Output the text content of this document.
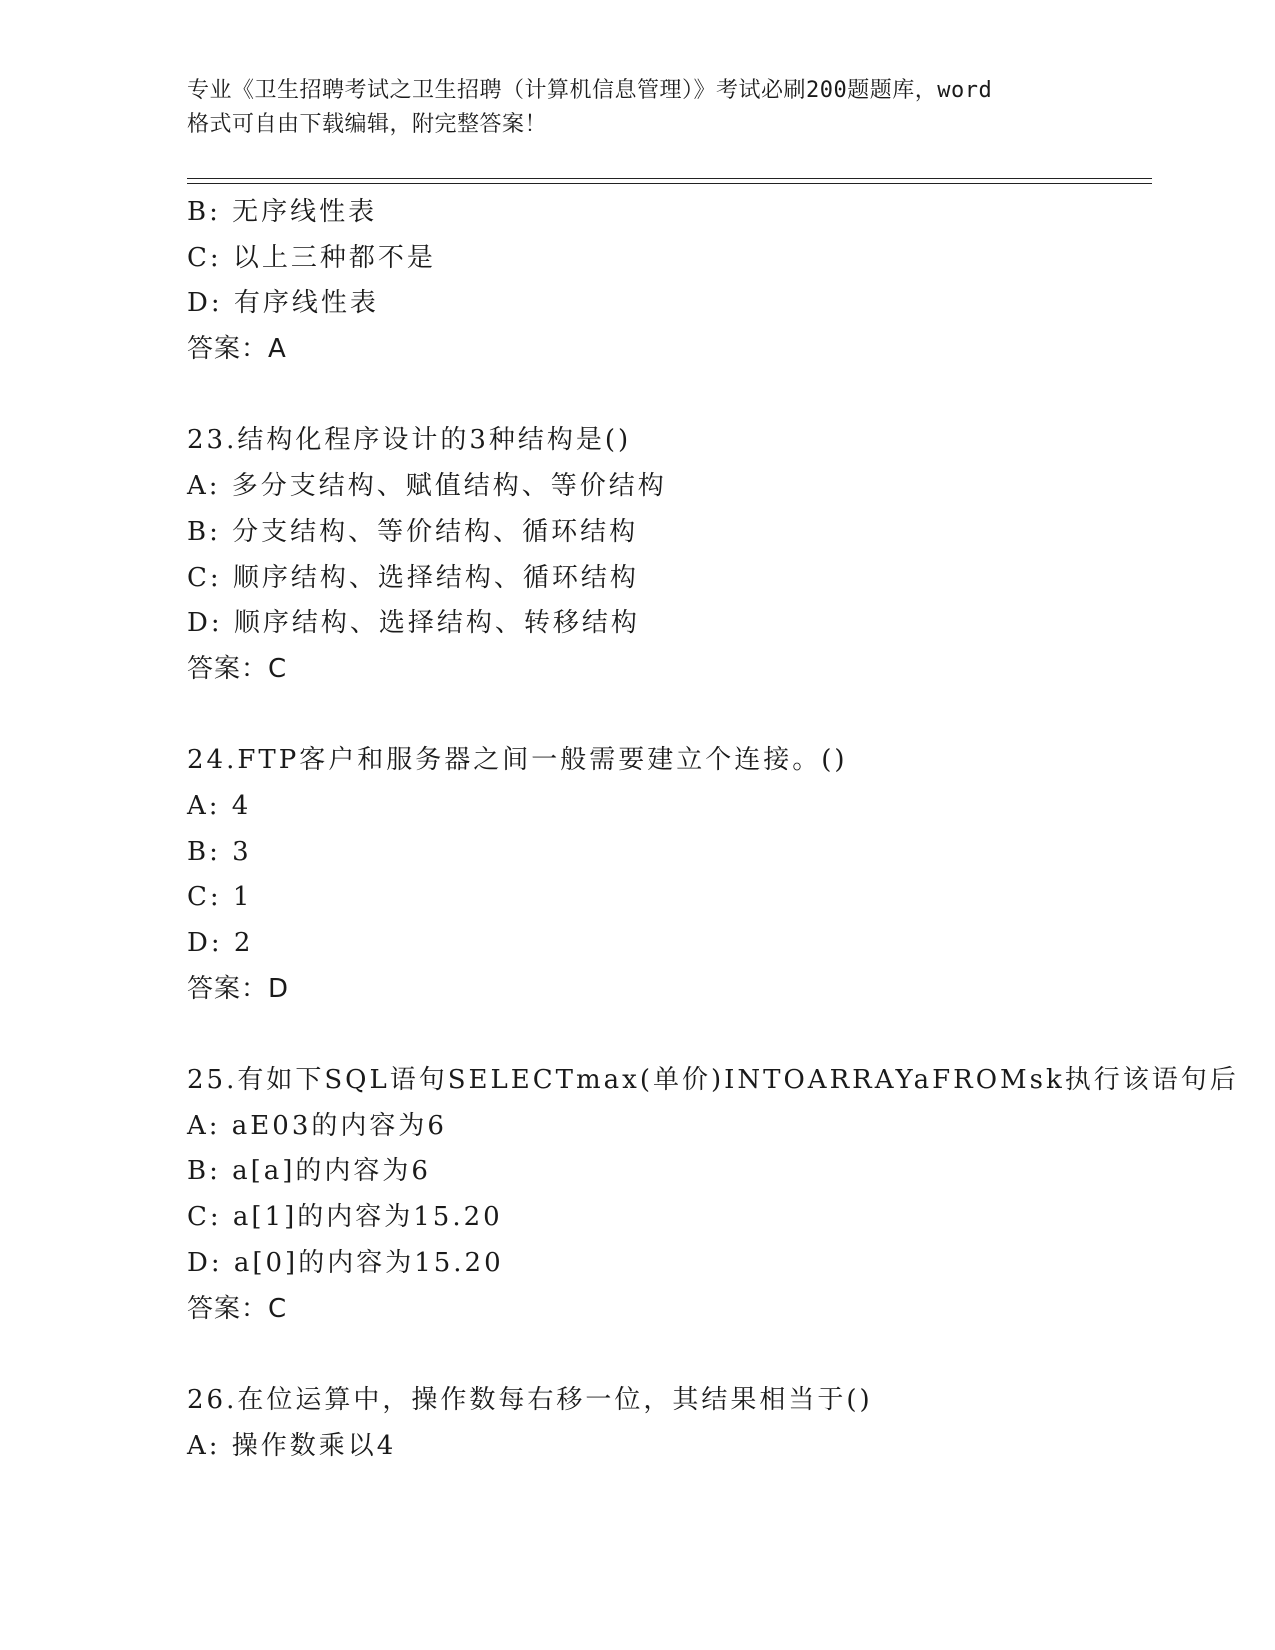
专业《卫生招聘考试之卫生招聘（计算机信息管理）》考试必刷200题题库，word
格式可自由下载编辑，附完整答案！
B: 无序线性表
C: 以上三种都不是
D: 有序线性表
答案：A
23.结构化程序设计的3种结构是()
A: 多分支结构、赋值结构、等价结构
B: 分支结构、等价结构、循环结构
C: 顺序结构、选择结构、循环结构
D: 顺序结构、选择结构、转移结构
答案：C
24.FTP客户和服务器之间一般需要建立个连接。()
A: 4
B: 3
C: 1
D: 2
答案：D
25.有如下SQL语句SELECTmax(单价)INTOARRAYaFROMsk执行该语句后
A: aE03的内容为6
B: a[a]的内容为6
C: a[1]的内容为15.20
D: a[0]的内容为15.20
答案：C
26.在位运算中，操作数每右移一位，其结果相当于()
A: 操作数乘以4
